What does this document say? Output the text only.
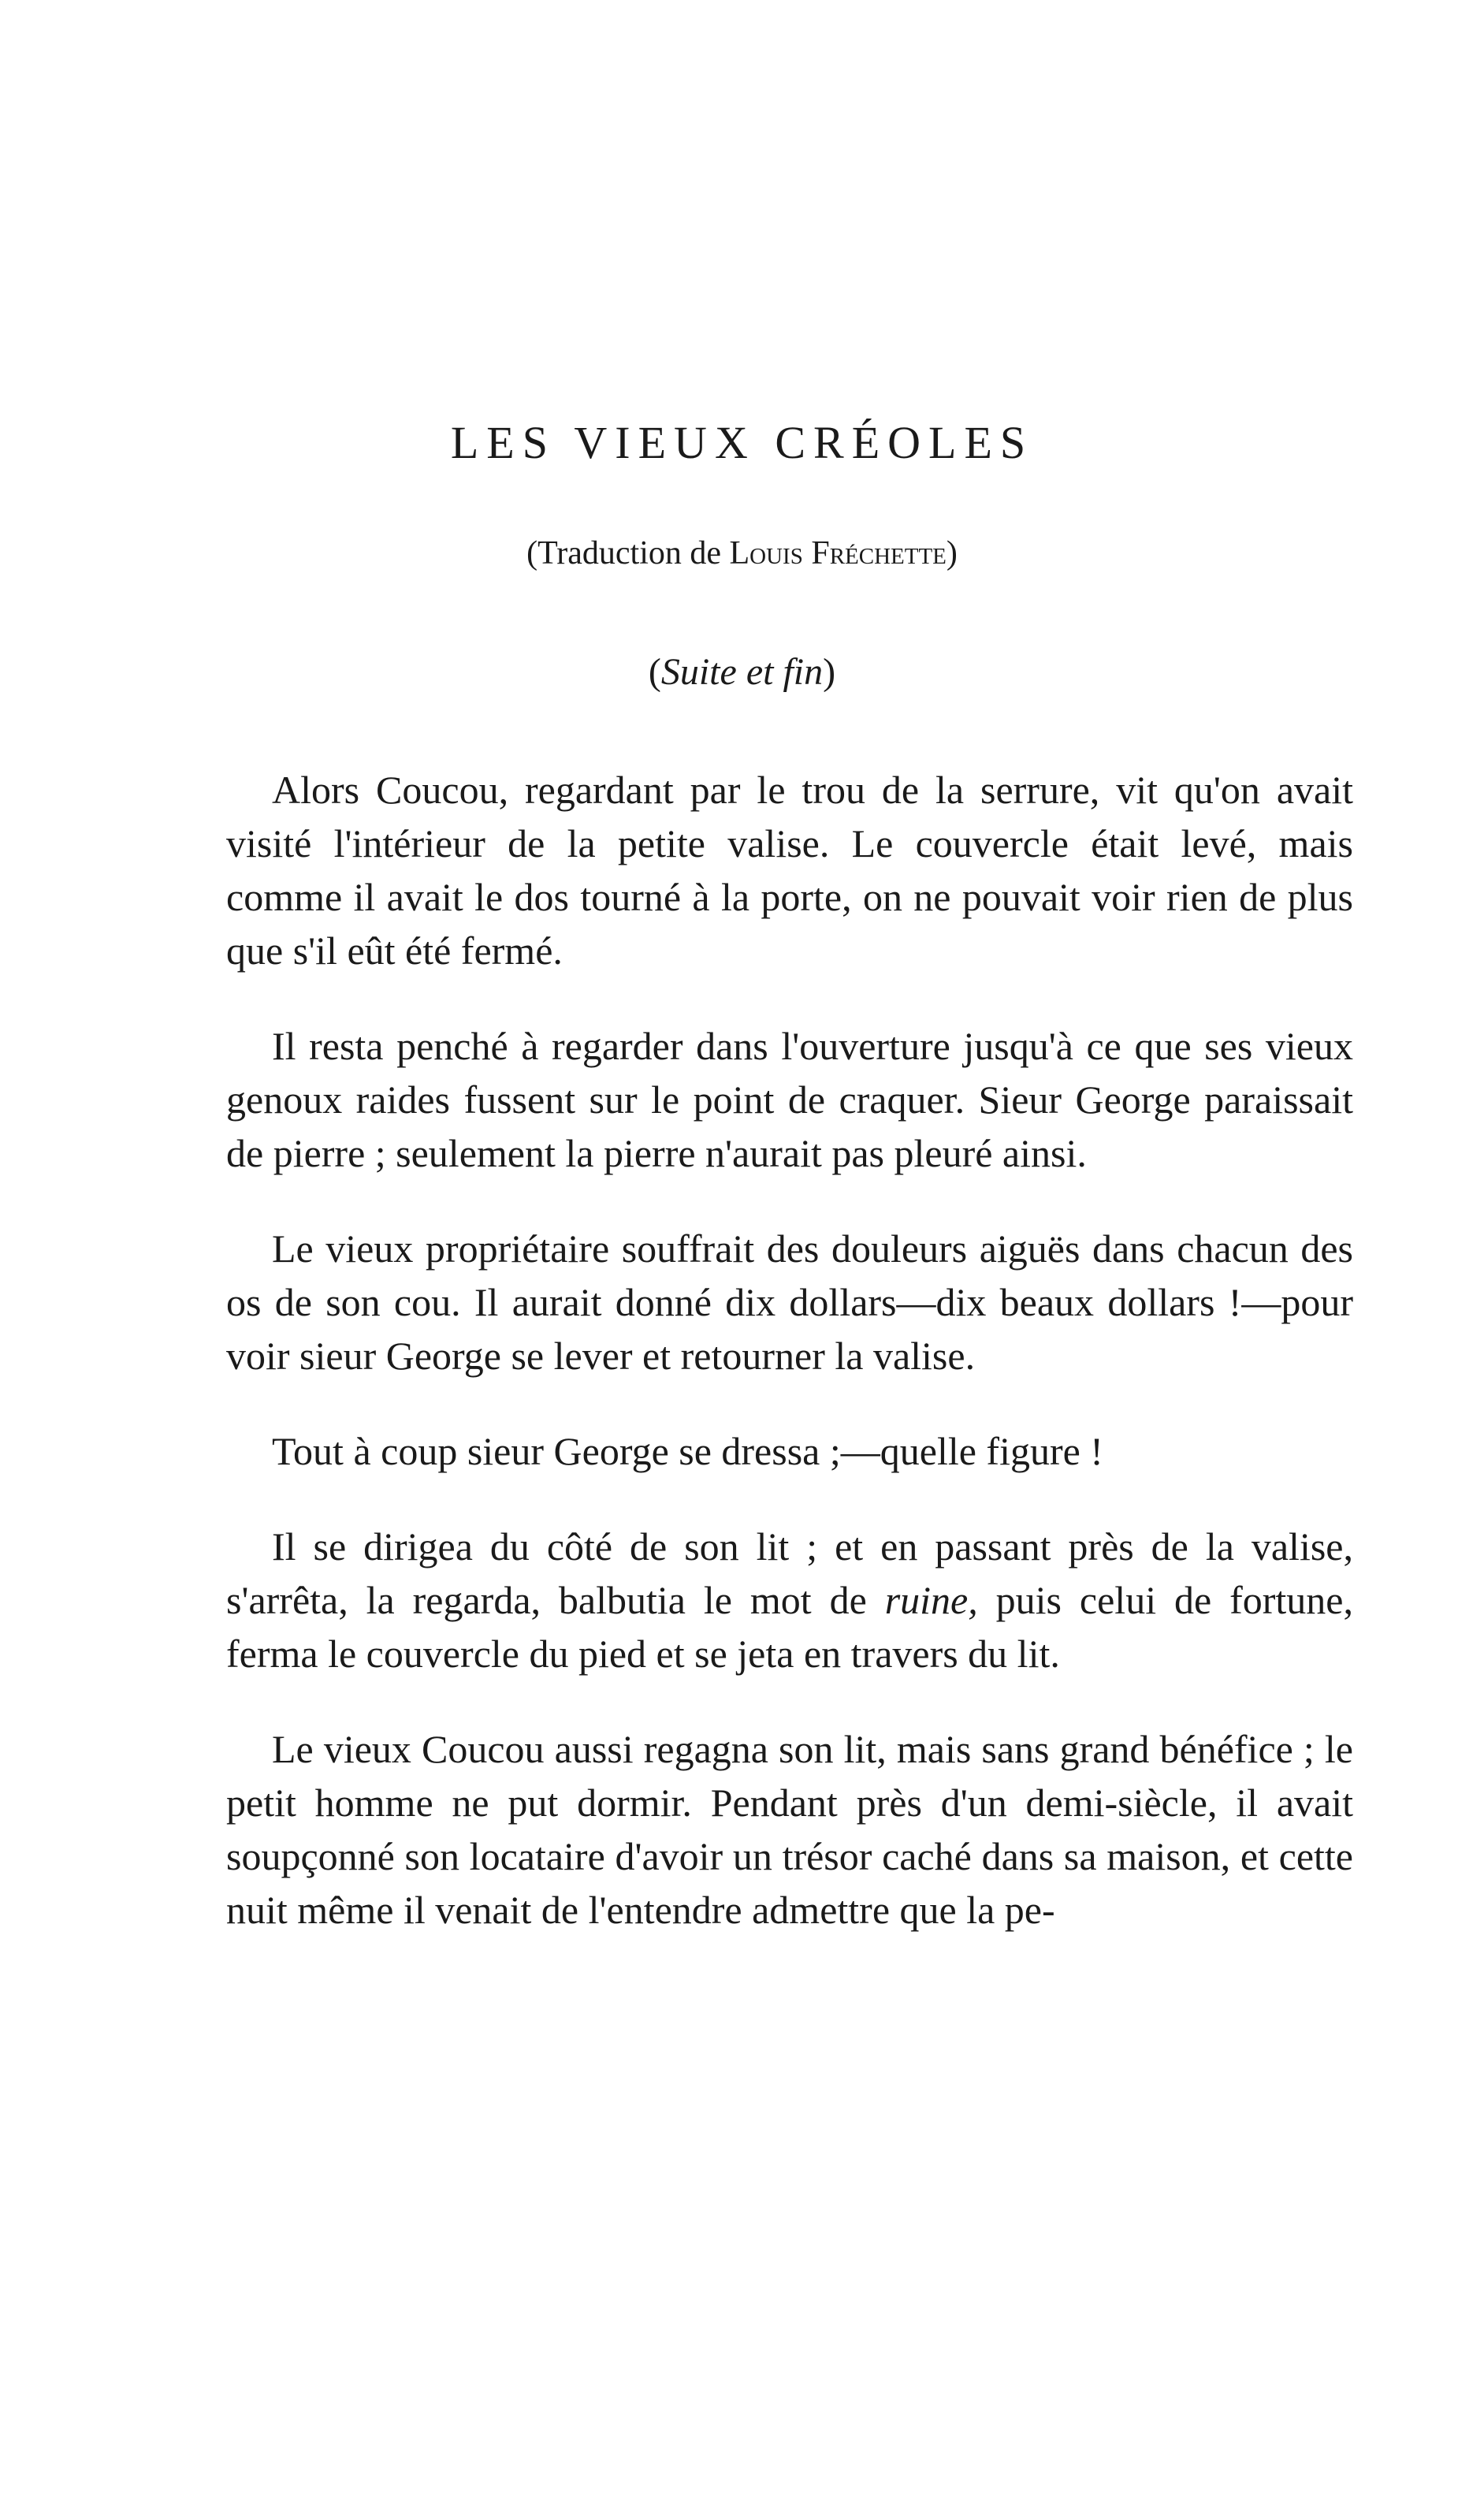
LES VIEUX CRÉOLES

(Traduction de Louis Fréchette)

(Suite et fin)

Alors Coucou, regardant par le trou de la serrure, vit qu'on avait visité l'intérieur de la petite valise. Le couvercle était levé, mais comme il avait le dos tourné à la porte, on ne pouvait voir rien de plus que s'il eût été fermé.

Il resta penché à regarder dans l'ouverture jusqu'à ce que ses vieux genoux raides fussent sur le point de craquer. Sieur George paraissait de pierre ; seulement la pierre n'aurait pas pleuré ainsi.

Le vieux propriétaire souffrait des douleurs aiguës dans chacun des os de son cou. Il aurait donné dix dollars—dix beaux dollars !—pour voir sieur George se lever et retourner la valise.

Tout à coup sieur George se dressa ;—quelle figure !

Il se dirigea du côté de son lit ; et en passant près de la valise, s'arrêta, la regarda, balbutia le mot de ruine, puis celui de fortune, ferma le couvercle du pied et se jeta en travers du lit.

Le vieux Coucou aussi regagna son lit, mais sans grand bénéfice ; le petit homme ne put dormir. Pendant près d'un demi-siècle, il avait soupçonné son locataire d'avoir un trésor caché dans sa maison, et cette nuit même il venait de l'entendre admettre que la pe-
